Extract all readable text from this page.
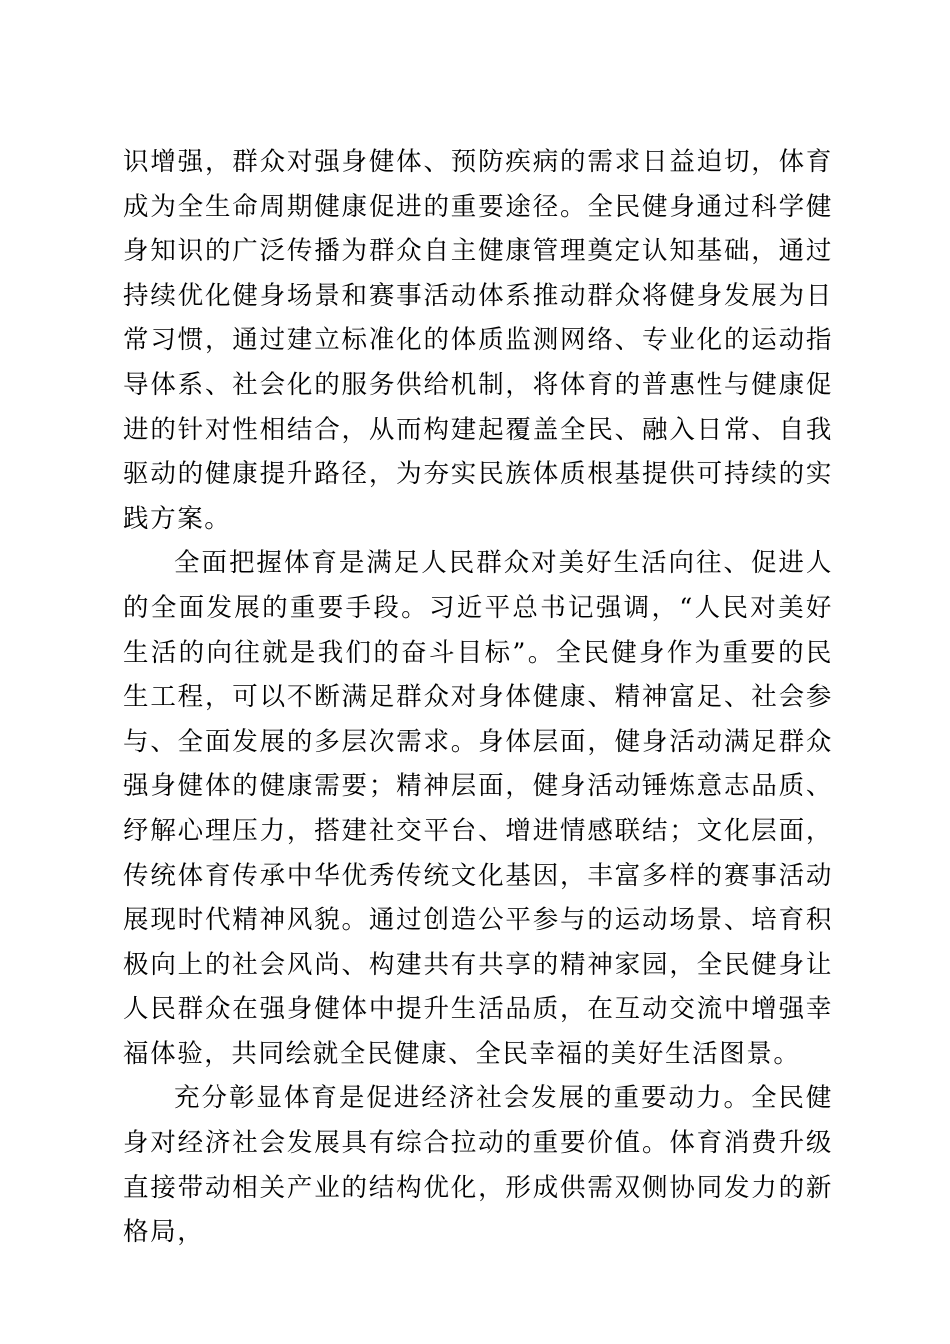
识增强，群众对强身健体、预防疾病的需求日益迫切，体育成为全生命周期健康促进的重要途径。全民健身通过科学健身知识的广泛传播为群众自主健康管理奠定认知基础，通过持续优化健身场景和赛事活动体系推动群众将健身发展为日常习惯，通过建立标准化的体质监测网络、专业化的运动指导体系、社会化的服务供给机制，将体育的普惠性与健康促进的针对性相结合，从而构建起覆盖全民、融入日常、自我驱动的健康提升路径，为夯实民族体质根基提供可持续的实践方案。

全面把握体育是满足人民群众对美好生活向往、促进人的全面发展的重要手段。习近平总书记强调，“人民对美好生活的向往就是我们的奋斗目标”。全民健身作为重要的民生工程，可以不断满足群众对身体健康、精神富足、社会参与、全面发展的多层次需求。身体层面，健身活动满足群众强身健体的健康需要；精神层面，健身活动锤炼意志品质、纾解心理压力，搭建社交平台、增进情感联结；文化层面，传统体育传承中华优秀传统文化基因，丰富多样的赛事活动展现时代精神风貌。通过创造公平参与的运动场景、培育积极向上的社会风尚、构建共有共享的精神家园，全民健身让人民群众在强身健体中提升生活品质，在互动交流中增强幸福体验，共同绘就全民健康、全民幸福的美好生活图景。

充分彰显体育是促进经济社会发展的重要动力。全民健身对经济社会发展具有综合拉动的重要价值。体育消费升级直接带动相关产业的结构优化，形成供需双侧协同发力的新格局，
